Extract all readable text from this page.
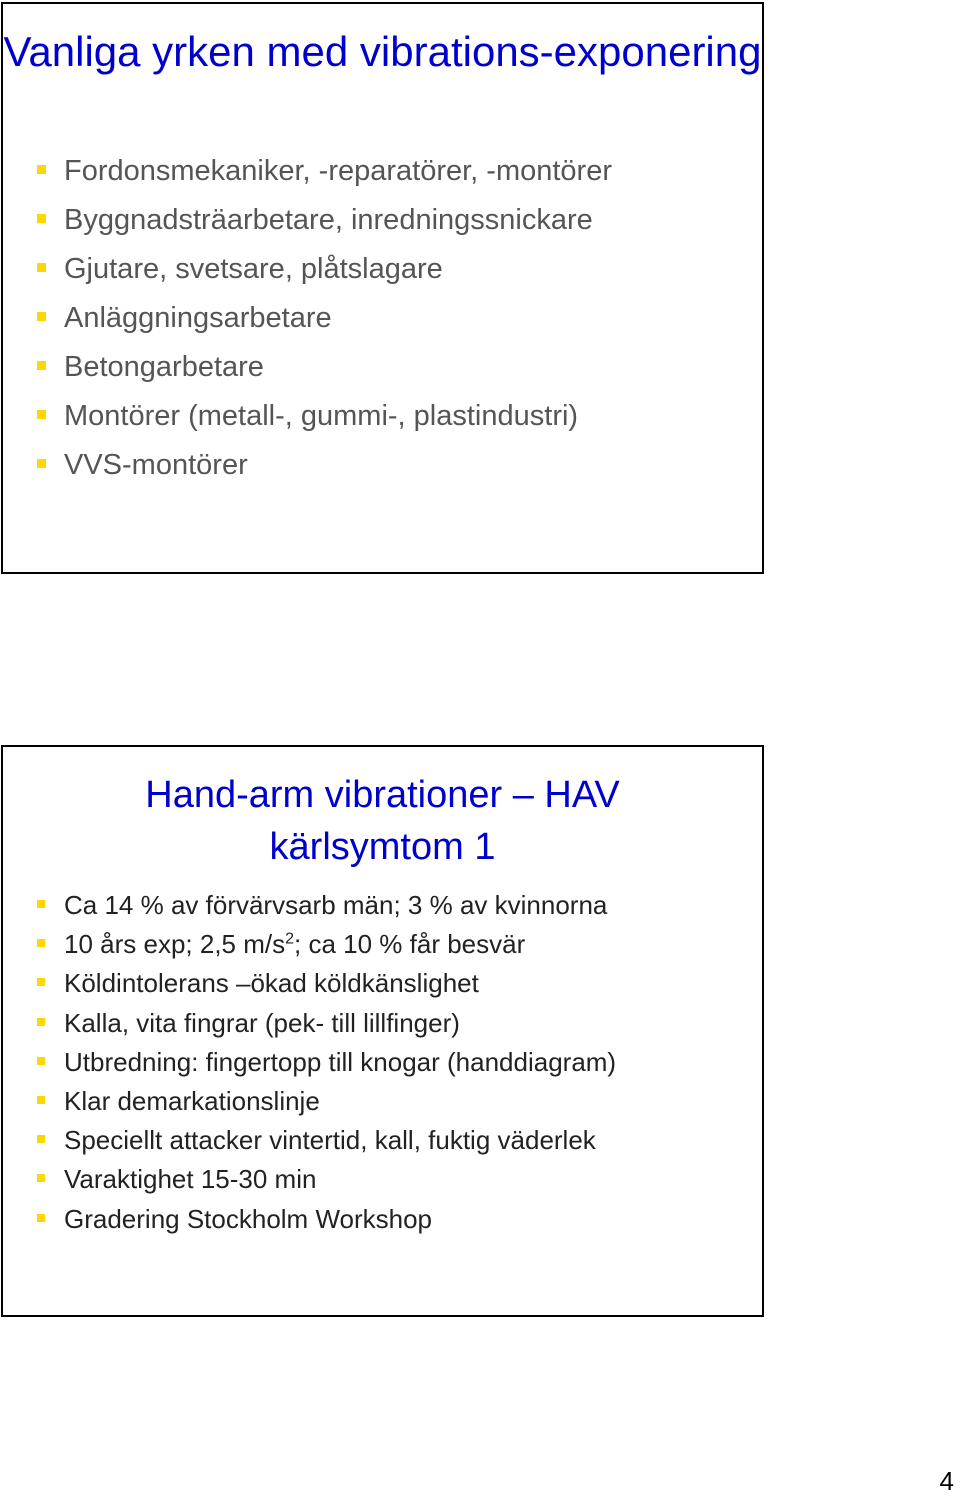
Vanliga yrken med vibrations-exponering
Fordonsmekaniker, -reparatörer, -montörer
Byggnadsträarbetare, inredningssnickare
Gjutare, svetsare, plåtslagare
Anläggningsarbetare
Betongarbetare
Montörer (metall-, gummi-, plastindustri)
VVS-montörer
Hand-arm vibrationer – HAV
kärlsymtom 1
Ca 14 % av förvärvsarb män; 3 % av kvinnorna
10 års exp; 2,5 $m/s^2$; ca 10 % får besvär
Köldintolerans –ökad köldkänslighet
Kalla, vita fingrar (pek- till lillfinger)
Utbredning: fingertopp till knogar (handdiagram)
Klar demarkationslinje
Speciellt attacker vintertid, kall, fuktig väderlek
Varaktighet 15-30 min
Gradering Stockholm Workshop
4
